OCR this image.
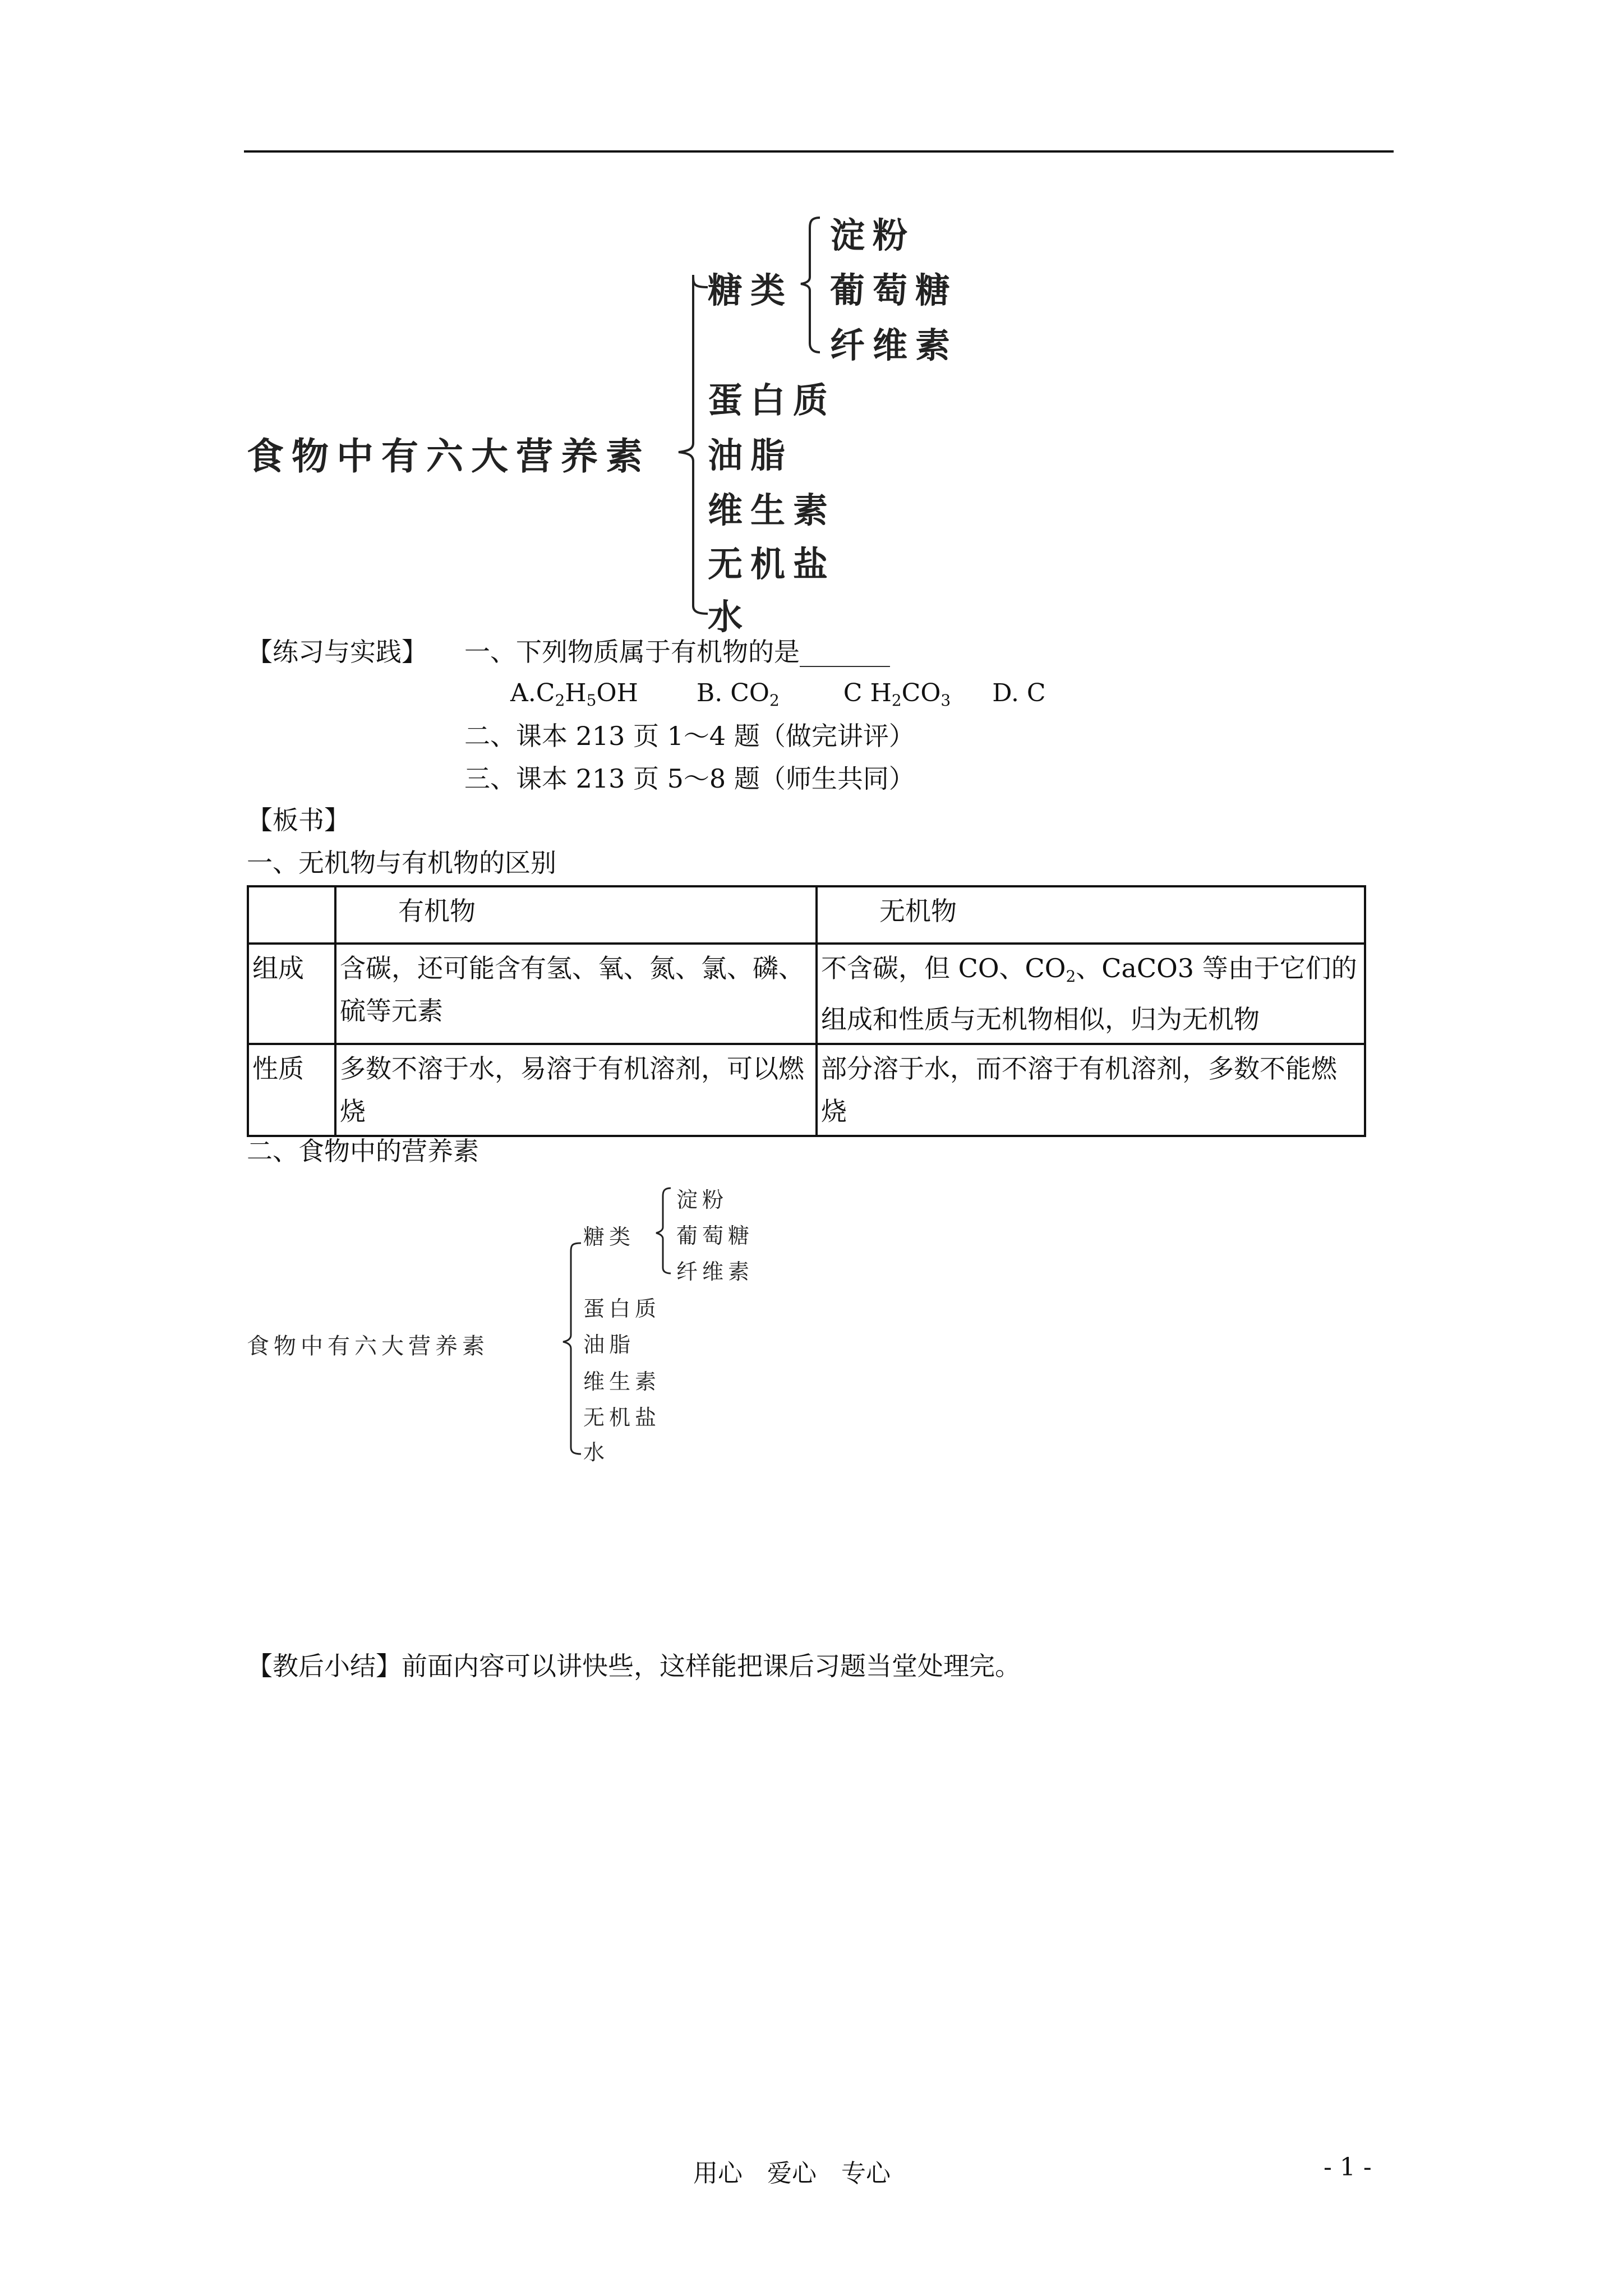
食物中有六大营养素
糖类
淀粉
葡萄糖
纤维素
蛋白质
油脂
维生素
无机盐
水
【练习与实践】 一、下列物质属于有机物的是_______
$A.C_2H_5OH$ B. $CO_2$	C $H_2CO_3$ D. C
二、课本 213 页 1～4 题（做完讲评）
三、课本 213 页 5～8 题（师生共同）
【板书】
一、无机物与有机物的区别
	有机物	无机物
组成	含碳，还可能含有氢、氧、氮、氯、磷、硫等元素	不含碳，但 CO、$CO_2$、CaCO3 等由于它们的组成和性质与无机物相似，归为无机物
性质	多数不溶于水，易溶于有机溶剂，可以燃烧	部分溶于水，而不溶于有机溶剂，多数不能燃烧
二、食物中的营养素
食物中有六大营养素
糖类
淀粉
葡萄糖
纤维素
蛋白质
油脂
维生素
无机盐
水
【教后小结】前面内容可以讲快些，这样能把课后习题当堂处理完。
用心　爱心　专心	- 1 -
